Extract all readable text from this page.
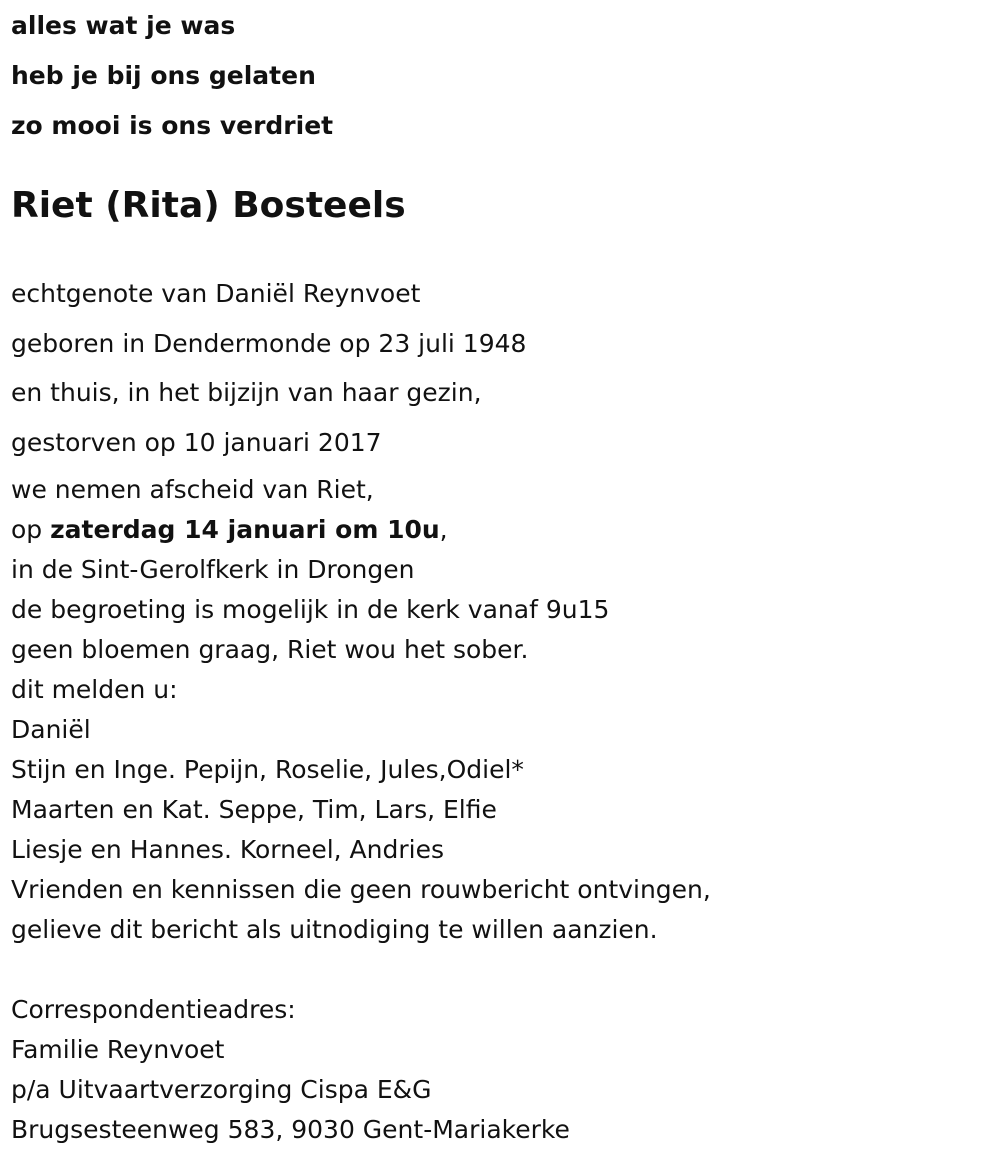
alles wat je was

heb je bij ons gelaten

zo mooi is ons verdriet

Riet (Rita) Bosteels

echtgenote van Daniël Reynvoet

geboren in Dendermonde op 23 juli 1948

en thuis, in het bijzijn van haar gezin,

gestorven op 10 januari 2017

we nemen afscheid van Riet,

op zaterdag 14 januari om 10u,

in de Sint-Gerolfkerk in Drongen

de begroeting is mogelijk in de kerk vanaf 9u15

geen bloemen graag, Riet wou het sober.

dit melden u:

Daniël

Stijn en Inge. Pepijn, Roselie, Jules,Odiel*

Maarten en Kat. Seppe, Tim, Lars, Elfie

Liesje en Hannes. Korneel, Andries

Vrienden en kennissen die geen rouwbericht ontvingen,

gelieve dit bericht als uitnodiging te willen aanzien.

Correspondentieadres:

Familie Reynvoet

p/a Uitvaartverzorging Cispa E&G

Brugsesteenweg 583, 9030 Gent-Mariakerke
